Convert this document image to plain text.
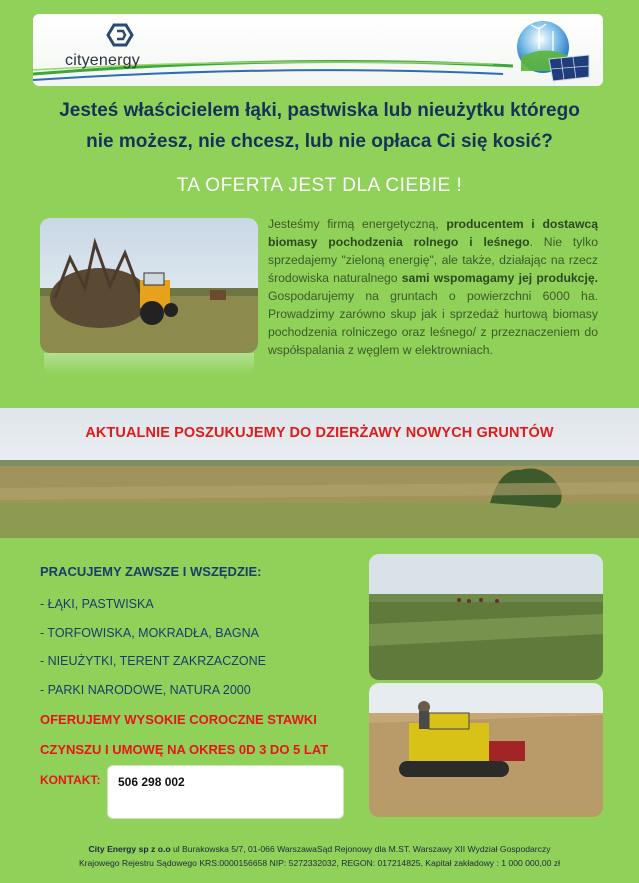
cityenergy
Jesteś właścicielem łąki, pastwiska lub nieużytku którego
nie możesz, nie chcesz, lub nie opłaca Ci się kosić?
TA OFERTA JEST DLA CIEBIE !
Jesteśmy firmą energetyczną, producentem i dostawcą biomasy pochodzenia rolnego i leśnego. Nie tylko sprzedajemy "zieloną energię", ale także, działając na rzecz środowiska naturalnego sami wspomagamy jej produkcję. Gospodarujemy na gruntach o powierzchni 6000 ha. Prowadzimy zarówno skup jak i sprzedaż hurtową biomasy pochodzenia rolniczego oraz leśnego/ z przeznaczeniem do współspalania z węglem w elektrowniach.
AKTUALNIE POSZUKUJEMY DO DZIERŻAWY NOWYCH GRUNTÓW
PRACUJEMY ZAWSZE I WSZĘDZIE:
- ŁĄKI, PASTWISKA
- TORFOWISKA, MOKRADŁA, BAGNA
- NIEUŻYTKI, TERENT ZAKRZACZONE
- PARKI NARODOWE, NATURA 2000
OFERUJEMY WYSOKIE COROCZNE STAWKI
CZYNSZU I UMOWĘ NA OKRES 0D 3 DO 5 LAT
KONTAKT: 506 298 002
City Energy sp z o.o ul Burakowska 5/7, 01-066 WarszawaSąd Rejonowy dla M.ST. Warszawy XII Wydział Gospodarczy
Krajowego Rejestru Sądowego KRS:0000156658 NIP: 5272332032, REGON: 017214825, Kapitał zakładowy : 1 000 000,00 zł
